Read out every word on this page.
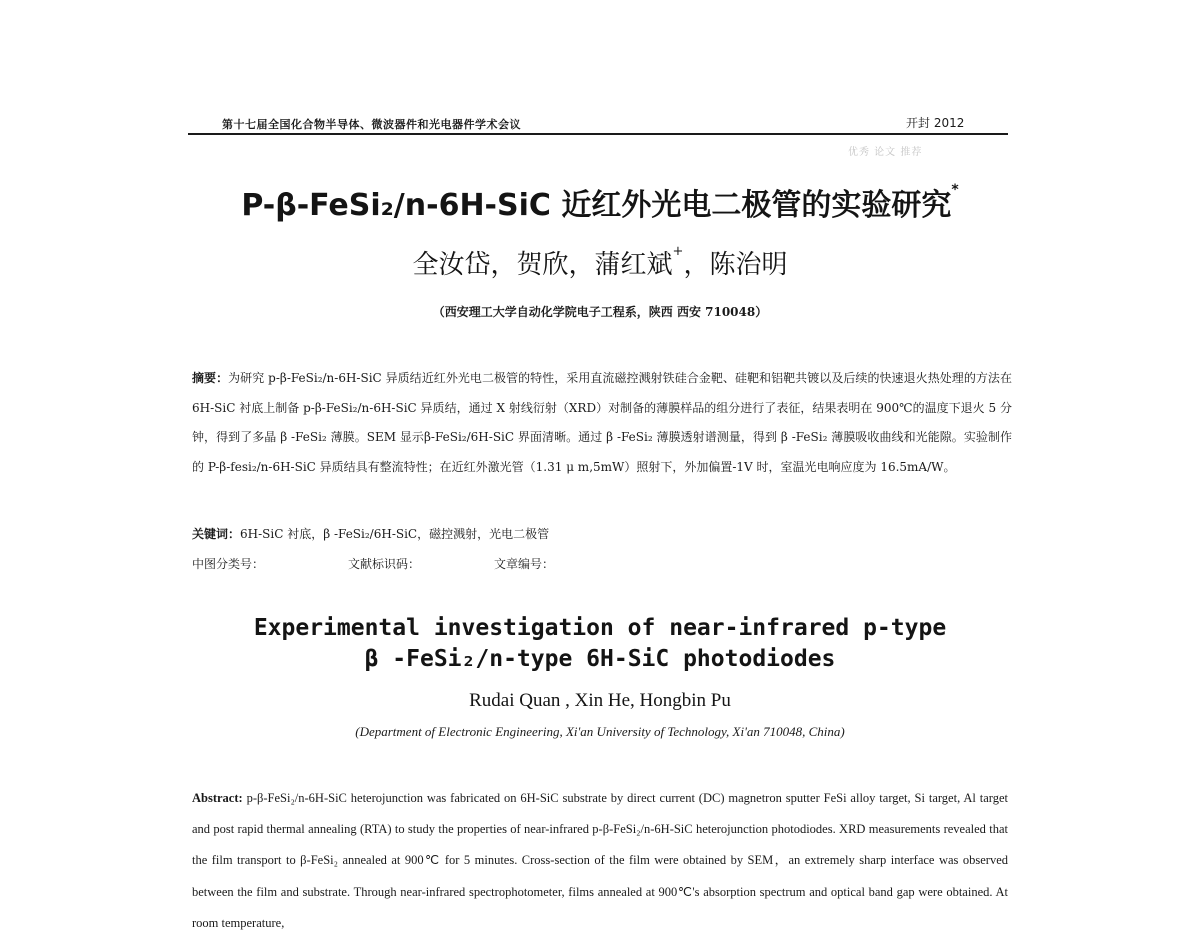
第十七届全国化合物半导体、微波器件和光电器件学术会议	开封 2012
优秀 论文 推荐
P-β-FeSi₂/n-6H-SiC 近红外光电二极管的实验研究*
全汝岱，贺欣，蒲红斌+，陈治明
（西安理工大学自动化学院电子工程系，陕西 西安 710048）
摘要：为研究 p-β-FeSi₂/n-6H-SiC 异质结近红外光电二极管的特性，采用直流磁控溅射铁硅合金靶、硅靶和铝靶共镀以及后续的快速退火热处理的方法在 6H-SiC 衬底上制备 p-β-FeSi₂/n-6H-SiC 异质结，通过 X 射线衍射（XRD）对制备的薄膜样品的组分进行了表征，结果表明在 900℃的温度下退火 5 分钟，得到了多晶 β -FeSi₂ 薄膜。SEM 显示β-FeSi₂/6H-SiC 界面清晰。通过 β -FeSi₂ 薄膜透射谱测量，得到 β -FeSi₂ 薄膜吸收曲线和光能隙。实验制作的 P-β-fesi₂/n-6H-SiC 异质结具有整流特性；在近红外激光管（1.31 μ m,5mW）照射下，外加偏置-1V 时，室温光电响应度为 16.5mA/W。
关键词：6H-SiC 衬底，β -FeSi₂/6H-SiC，磁控溅射，光电二极管
中图分类号：	文献标识码：	文章编号：
Experimental investigation of near-infrared p-type
β -FeSi₂/n-type 6H-SiC photodiodes
Rudai Quan , Xin He, Hongbin Pu
(Department of Electronic Engineering, Xi'an University of Technology, Xi'an 710048, China)
Abstract: p-β-FeSi₂/n-6H-SiC heterojunction was fabricated on 6H-SiC substrate by direct current (DC) magnetron sputter FeSi alloy target, Si target, Al target and post rapid thermal annealing (RTA) to study the properties of near-infrared p-β-FeSi₂/n-6H-SiC heterojunction photodiodes. XRD measurements revealed that the film transport to β-FeSi₂ annealed at 900℃ for 5 minutes. Cross-section of the film were obtained by SEM，an extremely sharp interface was observed between the film and substrate. Through near-infrared spectrophotometer, films annealed at 900℃'s absorption spectrum and optical band gap were obtained. At room temperature,
